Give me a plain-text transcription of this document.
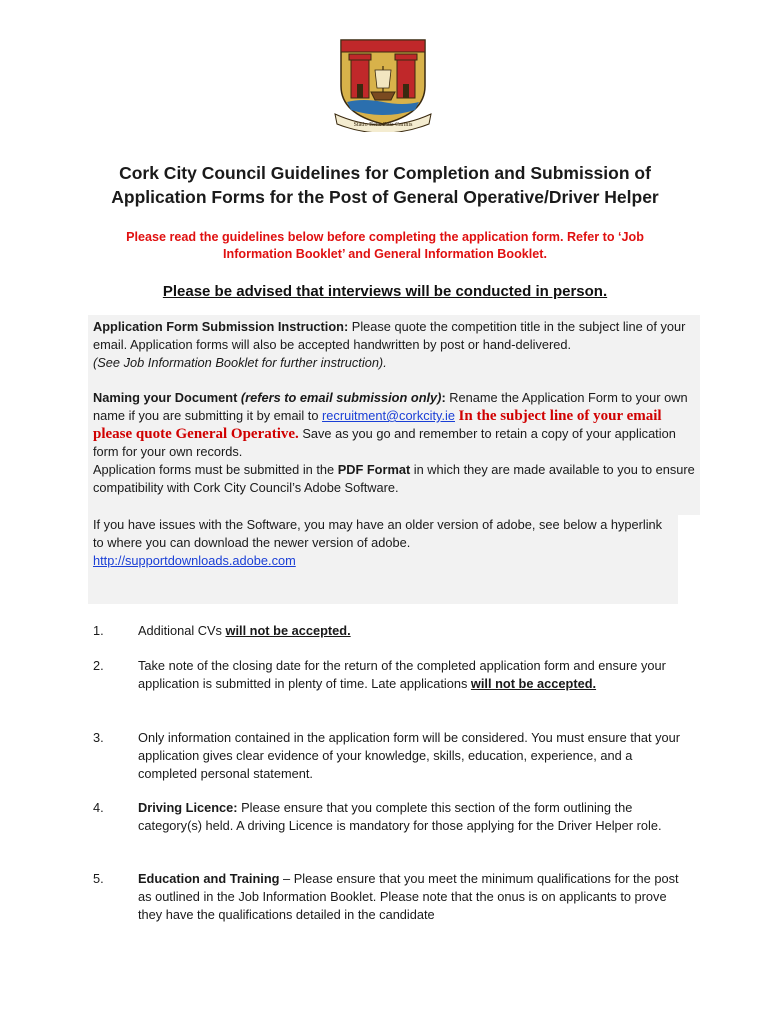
Statio Bene Fida Carinis
Cork City Council Guidelines for Completion and Submission of
Application Forms for the Post of General Operative/Driver Helper
Please read the guidelines below before completing the application form. Refer to ‘Job
Information Booklet’ and General Information Booklet.
Please be advised that interviews will be conducted in person.
Application Form Submission Instruction: Please quote the competition title in the subject line of your email. Application forms will also be accepted handwritten by post or hand-delivered.
(See Job Information Booklet for further instruction).
Naming your Document (refers to email submission only): Rename the Application Form to your own name if you are submitting it by email to recruitment@corkcity.ie In the subject line of your email please quote General Operative. Save as you go and remember to retain a copy of your application form for your own records.
Application forms must be submitted in the PDF Format in which they are made available to you to ensure compatibility with Cork City Council’s Adobe Software.
If you have issues with the Software, you may have an older version of adobe, see below a hyperlink to where you can download the newer version of adobe.
http://supportdownloads.adobe.com
1.	Additional CVs will not be accepted.
2.	Take note of the closing date for the return of the completed application form and ensure your application is submitted in plenty of time. Late applications will not be accepted.
3.	Only information contained in the application form will be considered. You must ensure that your application gives clear evidence of your knowledge, skills, education, experience, and a completed personal statement.
4.	Driving Licence: Please ensure that you complete this section of the form outlining the category(s) held. A driving Licence is mandatory for those applying for the Driver Helper role.
5.	Education and Training – Please ensure that you meet the minimum qualifications for the post as outlined in the Job Information Booklet. Please note that the onus is on applicants to prove they have the qualifications detailed in the candidate
